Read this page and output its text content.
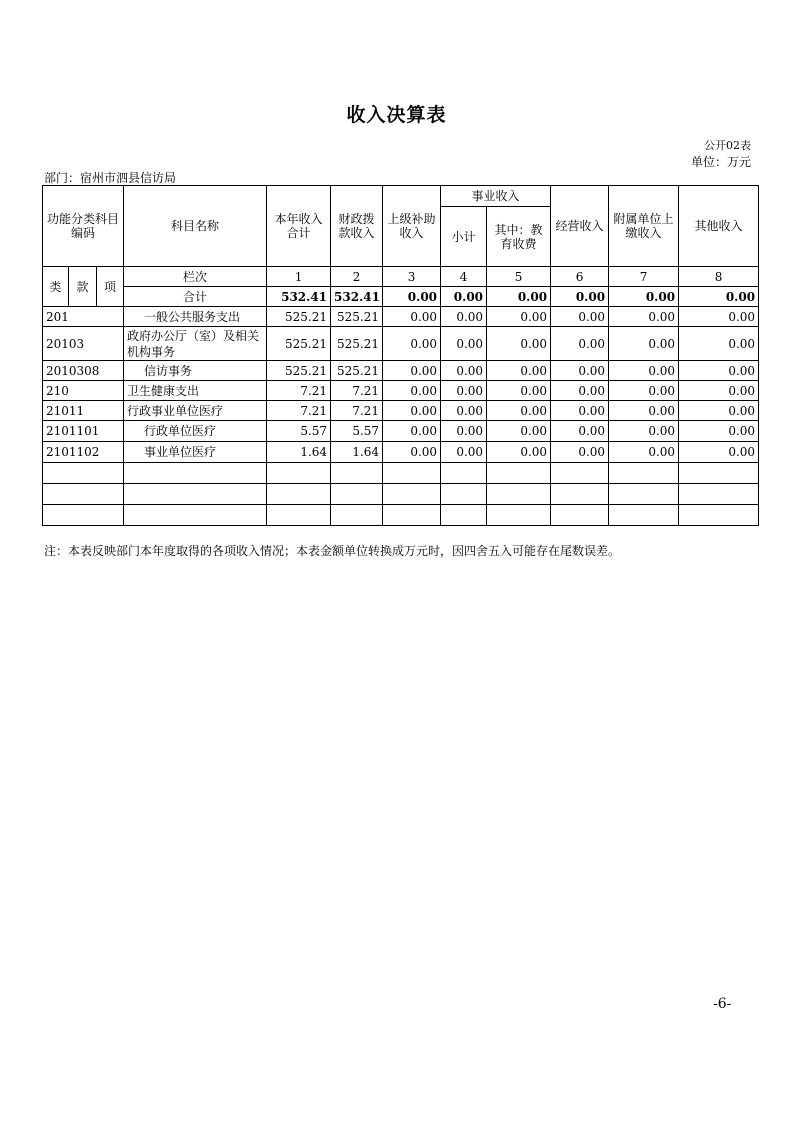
收入决算表
公开02表
单位：万元
部门：宿州市泗县信访局
功能分类科目编码			科目名称	本年收入合计	财政拨款收入	上级补助收入	事业收入		经营收入	附属单位上缴收入	其他收入
							小计	其中：教育收费			

类	款	项	栏次	1	2	3	4	5	6	7	8
			合计	532.41	532.41	0.00	0.00	0.00	0.00	0.00	0.00
201			一般公共服务支出	525.21	525.21	0.00	0.00	0.00	0.00	0.00	0.00
20103			政府办公厅（室）及相关机构事务	525.21	525.21	0.00	0.00	0.00	0.00	0.00	0.00
2010308			信访事务	525.21	525.21	0.00	0.00	0.00	0.00	0.00	0.00
210			卫生健康支出	7.21	7.21	0.00	0.00	0.00	0.00	0.00	0.00
21011			行政事业单位医疗	7.21	7.21	0.00	0.00	0.00	0.00	0.00	0.00
2101101			行政单位医疗	5.57	5.57	0.00	0.00	0.00	0.00	0.00	0.00
2101102			事业单位医疗	1.64	1.64	0.00	0.00	0.00	0.00	0.00	0.00

注：本表反映部门本年度取得的各项收入情况；本表金额单位转换成万元时，因四舍五入可能存在尾数误差。
-6-
